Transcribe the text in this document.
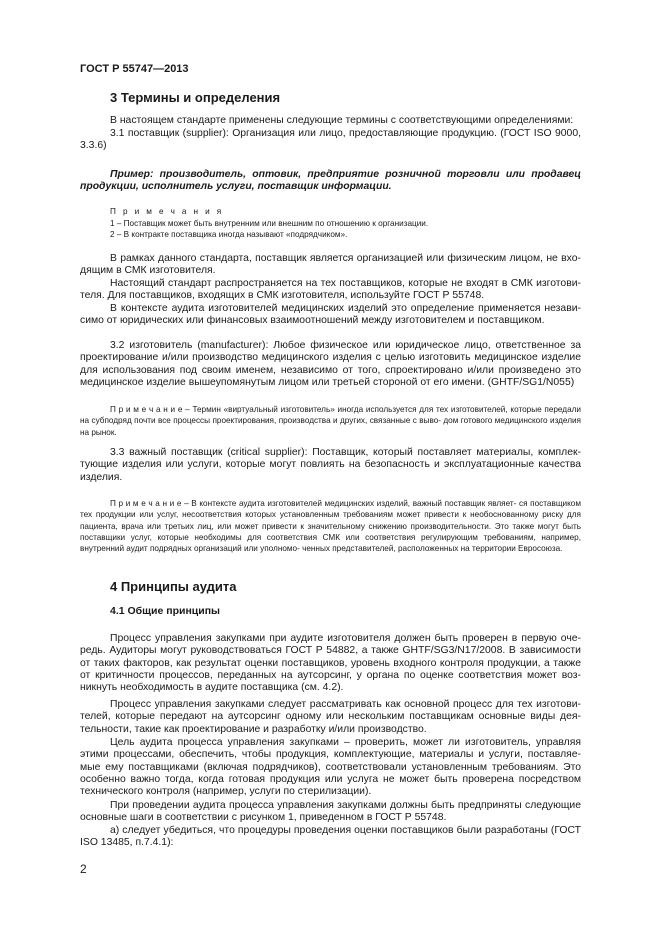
ГОСТ Р 55747—2013
3 Термины и определения
В настоящем стандарте применены следующие термины с соответствующими определениями:
3.1 поставщик (supplier): Организация или лицо, предоставляющие продукцию. (ГОСТ ISO 9000, 3.3.6)
Пример: производитель, оптовик, предприятие розничной торговли или продавец продукции, исполнитель услуги, поставщик информации.
П р и м е ч а н и я
1 – Поставщик может быть внутренним или внешним по отношению к организации.
2 – В контракте поставщика иногда называют «подрядчиком».
В рамках данного стандарта, поставщик является организацией или физическим лицом, не вхо- дящим в СМК изготовителя.
Настоящий стандарт распространяется на тех поставщиков, которые не входят в СМК изготови- теля. Для поставщиков, входящих в СМК изготовителя, используйте ГОСТ Р 55748.
В контексте аудита изготовителей медицинских изделий это определение применяется незави- симо от юридических или финансовых взаимоотношений между изготовителем и поставщиком.
3.2 изготовитель (manufacturer): Любое физическое или юридическое лицо, ответственное за проектирование и/или производство медицинского изделия с целью изготовить медицинское изделие для использования под своим именем, независимо от того, спроектировано и/или произведено это медицинское изделие вышеупомянутым лицом или третьей стороной от его имени. (GHTF/SG1/N055)
П р и м е ч а н и е – Термин «виртуальный изготовитель» иногда используется для тех изготовителей, которые передали на субподряд почти все процессы проектирования, производства и других, связанные с выво- дом готового медицинского изделия на рынок.
3.3 важный поставщик (critical supplier): Поставщик, который поставляет материалы, комплек- тующие изделия или услуги, которые могут повлиять на безопасность и эксплуатационные качества изделия.
П р и м е ч а н и е – В контексте аудита изготовителей медицинских изделий, важный поставщик являет- ся поставщиком тех продукции или услуг, несоответствия которых установленным требованиям может привести к необоснованному риску для пациента, врача или третьих лиц, или может привести к значительному снижению производительности. Это также могут быть поставщики услуг, которые необходимы для соответствия СМК или соответствия регулирующим требованиям, например, внутренний аудит подрядных организаций или уполномо- ченных представителей, расположенных на территории Евросоюза.
4 Принципы аудита
4.1 Общие принципы
Процесс управления закупками при аудите изготовителя должен быть проверен в первую оче- редь. Аудиторы могут руководствоваться ГОСТ Р 54882, а также GHTF/SG3/N17/2008. В зависимости от таких факторов, как результат оценки поставщиков, уровень входного контроля продукции, а также от критичности процессов, переданных на аутсорсинг, у органа по оценке соответствия может воз- никнуть необходимость в аудите поставщика (см. 4.2).
Процесс управления закупками следует рассматривать как основной процесс для тех изготови- телей, которые передают на аутсорсинг одному или нескольким поставщикам основные виды дея- тельности, такие как проектирование и разработку и/или производство.
Цель аудита процесса управления закупками – проверить, может ли изготовитель, управляя этими процессами, обеспечить, чтобы продукция, комплектующие, материалы и услуги, поставляе- мые ему поставщиками (включая подрядчиков), соответствовали установленным требованиям. Это особенно важно тогда, когда готовая продукция или услуга не может быть проверена посредством технического контроля (например, услуги по стерилизации).
При проведении аудита процесса управления закупками должны быть предприняты следующие основные шаги в соответствии с рисунком 1, приведенном в ГОСТ Р 55748.
а) следует убедиться, что процедуры проведения оценки поставщиков были разработаны (ГОСТ ISO 13485, п.7.4.1):
2
